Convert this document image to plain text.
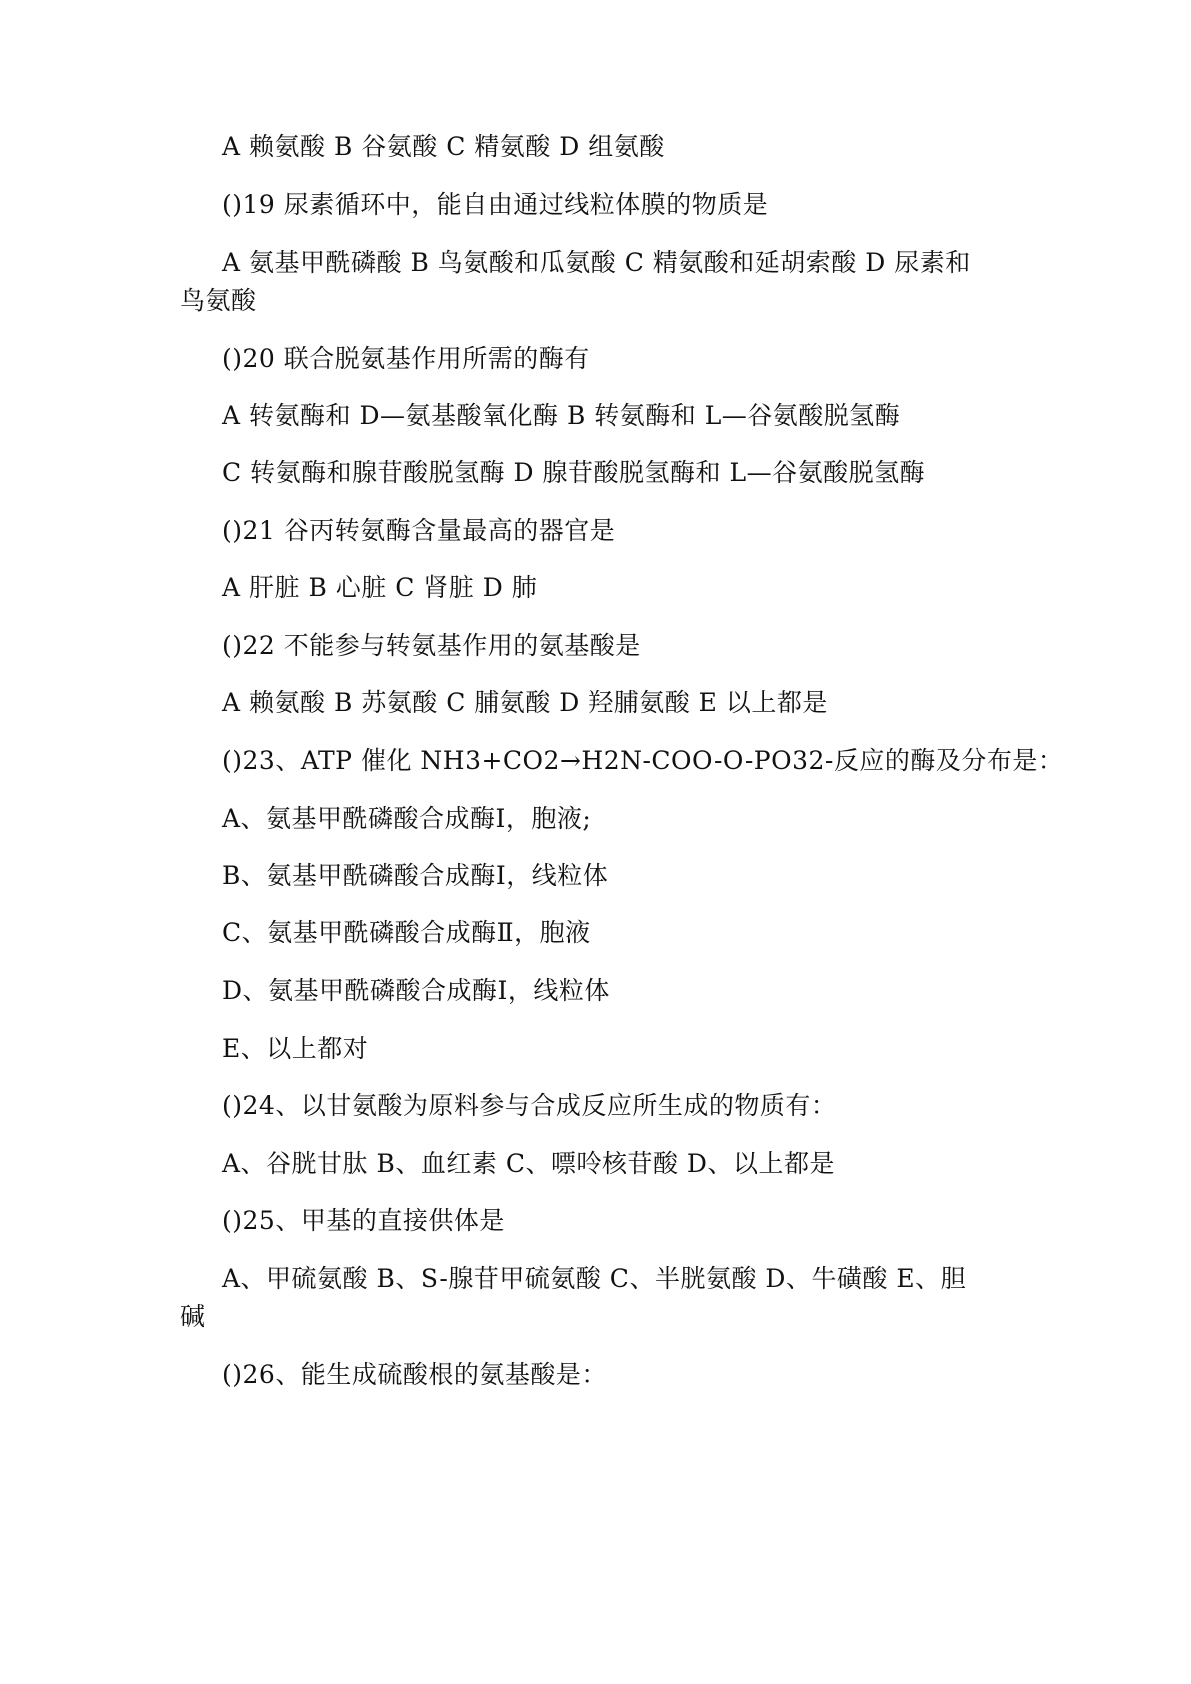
A 赖氨酸 B 谷氨酸 C 精氨酸 D 组氨酸
()19 尿素循环中，能自由通过线粒体膜的物质是
A 氨基甲酰磷酸 B 鸟氨酸和瓜氨酸 C 精氨酸和延胡索酸 D 尿素和
鸟氨酸
()20 联合脱氨基作用所需的酶有
A 转氨酶和 D—氨基酸氧化酶 B 转氨酶和 L—谷氨酸脱氢酶
C 转氨酶和腺苷酸脱氢酶 D 腺苷酸脱氢酶和 L—谷氨酸脱氢酶
()21 谷丙转氨酶含量最高的器官是
A 肝脏 B 心脏 C 肾脏 D 肺
()22 不能参与转氨基作用的氨基酸是
A 赖氨酸 B 苏氨酸 C 脯氨酸 D 羟脯氨酸 E 以上都是
()23、ATP 催化 NH3+CO2→H2N-COO-O-PO32-反应的酶及分布是：
A、氨基甲酰磷酸合成酶Ⅰ，胞液;
B、氨基甲酰磷酸合成酶Ⅰ，线粒体
C、氨基甲酰磷酸合成酶Ⅱ，胞液
D、氨基甲酰磷酸合成酶Ⅰ，线粒体
E、以上都对
()24、以甘氨酸为原料参与合成反应所生成的物质有：
A、谷胱甘肽 B、血红素 C、嘌呤核苷酸 D、以上都是
()25、甲基的直接供体是
A、甲硫氨酸 B、S-腺苷甲硫氨酸 C、半胱氨酸 D、牛磺酸 E、胆
碱
()26、能生成硫酸根的氨基酸是：
